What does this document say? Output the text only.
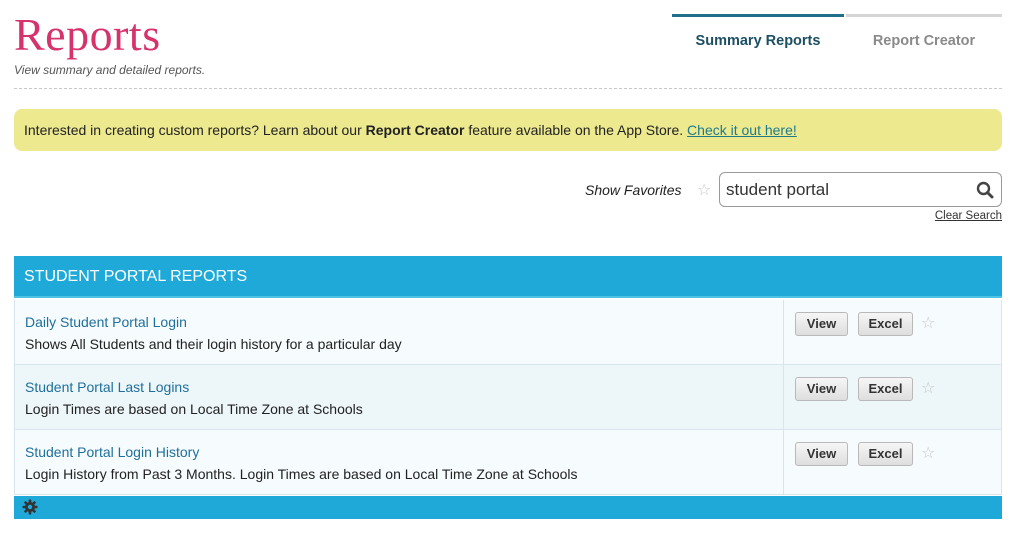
Reports
View summary and detailed reports.
Summary Reports	Report Creator
Interested in creating custom reports? Learn about our Report Creator feature available on the App Store. Check it out here!
Show Favorites ☆
student portal
Clear Search
STUDENT PORTAL REPORTS
Daily Student Portal Login
Shows All Students and their login history for a particular day
View	Excel	☆
Student Portal Last Logins
Login Times are based on Local Time Zone at Schools
View	Excel	☆
Student Portal Login History
Login History from Past 3 Months. Login Times are based on Local Time Zone at Schools
View	Excel	☆
